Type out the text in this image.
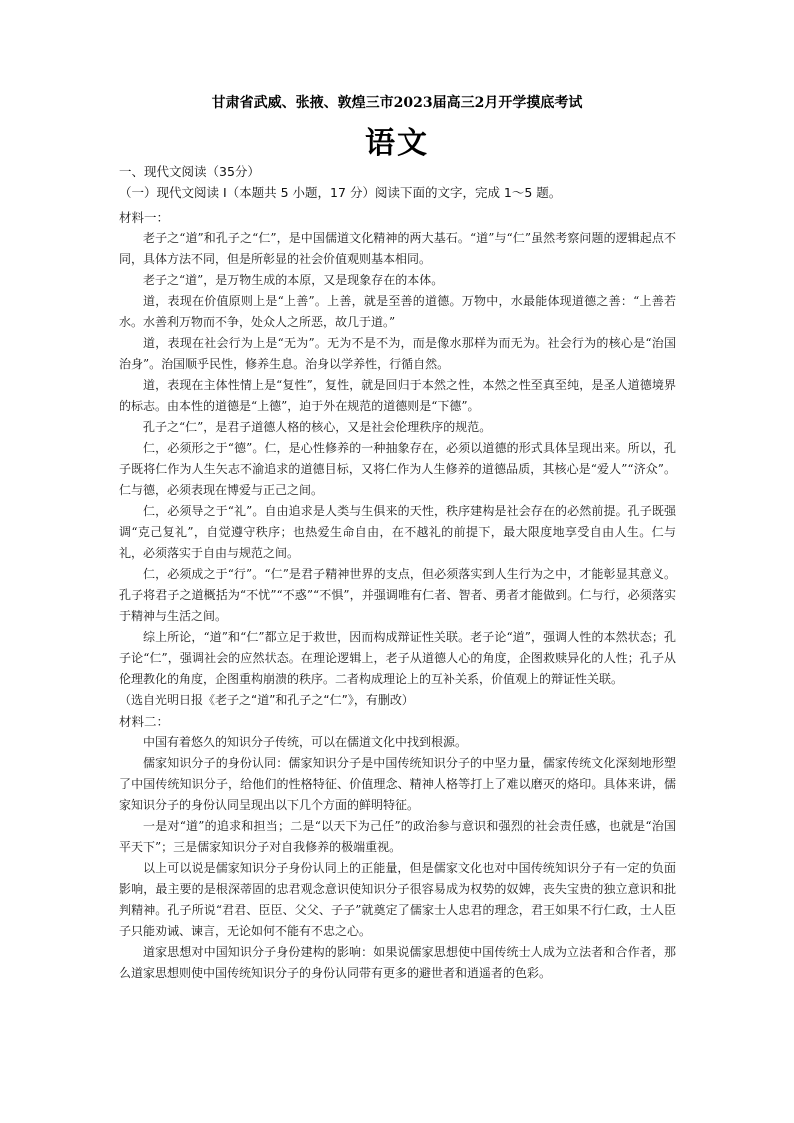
甘肃省武威、张掖、敦煌三市2023届高三2月开学摸底考试
语文
一、现代文阅读（35分）
（一）现代文阅读 I（本题共 5 小题，17 分）阅读下面的文字，完成 1～5 题。

材料一：

老子之“道”和孔子之“仁”，是中国儒道文化精神的两大基石。“道”与“仁”虽然考察问题的逻辑起点不同，具体方法不同，但是所彰显的社会价值观则基本相同。

老子之“道”，是万物生成的本原，又是现象存在的本体。

道，表现在价值原则上是“上善”。上善，就是至善的道德。万物中，水最能体现道德之善：“上善若水。水善利万物而不争，处众人之所恶，故几于道。”

道，表现在社会行为上是“无为”。无为不是不为，而是像水那样为而无为。社会行为的核心是“治国治身”。治国顺乎民性，修养生息。治身以学养性，行循自然。

道，表现在主体性情上是“复性”，复性，就是回归于本然之性，本然之性至真至纯，是圣人道德境界的标志。由本性的道德是“上德”，迫于外在规范的道德则是“下德”。

孔子之“仁”，是君子道德人格的核心，又是社会伦理秩序的规范。

仁，必须形之于“德”。仁，是心性修养的一种抽象存在，必须以道德的形式具体呈现出来。所以，孔子既将仁作为人生矢志不渝追求的道德目标，又将仁作为人生修养的道德品质，其核心是“爱人”“济众”。仁与德，必须表现在博爱与正己之间。

仁，必须导之于“礼”。自由追求是人类与生俱来的天性，秩序建构是社会存在的必然前提。孔子既强调“克己复礼”，自觉遵守秩序；也热爱生命自由，在不越礼的前提下，最大限度地享受自由人生。仁与礼，必须落实于自由与规范之间。

仁，必须成之于“行”。“仁”是君子精神世界的支点，但必须落实到人生行为之中，才能彰显其意义。孔子将君子之道概括为“不忧”“不惑”“不惧”，并强调唯有仁者、智者、勇者才能做到。仁与行，必须落实于精神与生活之间。

综上所论，“道”和“仁”都立足于救世，因而构成辩证性关联。老子论“道”，强调人性的本然状态；孔子论“仁”，强调社会的应然状态。在理论逻辑上，老子从道德人心的角度，企图救赎异化的人性；孔子从伦理教化的角度，企图重构崩溃的秩序。二者构成理论上的互补关系，价值观上的辩证性关联。

（选自光明日报《老子之“道”和孔子之“仁”》，有删改）

材料二：

中国有着悠久的知识分子传统，可以在儒道文化中找到根源。

儒家知识分子的身份认同：儒家知识分子是中国传统知识分子的中坚力量，儒家传统文化深刻地形塑了中国传统知识分子，给他们的性格特征、价值理念、精神人格等打上了难以磨灭的烙印。具体来讲，儒家知识分子的身份认同呈现出以下几个方面的鲜明特征。

一是对“道”的追求和担当；二是“以天下为己任”的政治参与意识和强烈的社会责任感，也就是“治国平天下”；三是儒家知识分子对自我修养的极端重视。

以上可以说是儒家知识分子身份认同上的正能量，但是儒家文化也对中国传统知识分子有一定的负面影响，最主要的是根深蒂固的忠君观念意识使知识分子很容易成为权势的奴婢，丧失宝贵的独立意识和批判精神。孔子所说“君君、臣臣、父父、子子”就奠定了儒家士人忠君的理念，君王如果不行仁政，士人臣子只能劝诫、谏言，无论如何不能有不忠之心。

道家思想对中国知识分子身份建构的影响：如果说儒家思想使中国传统士人成为立法者和合作者，那么道家思想则使中国传统知识分子的身份认同带有更多的避世者和逍遥者的色彩。
